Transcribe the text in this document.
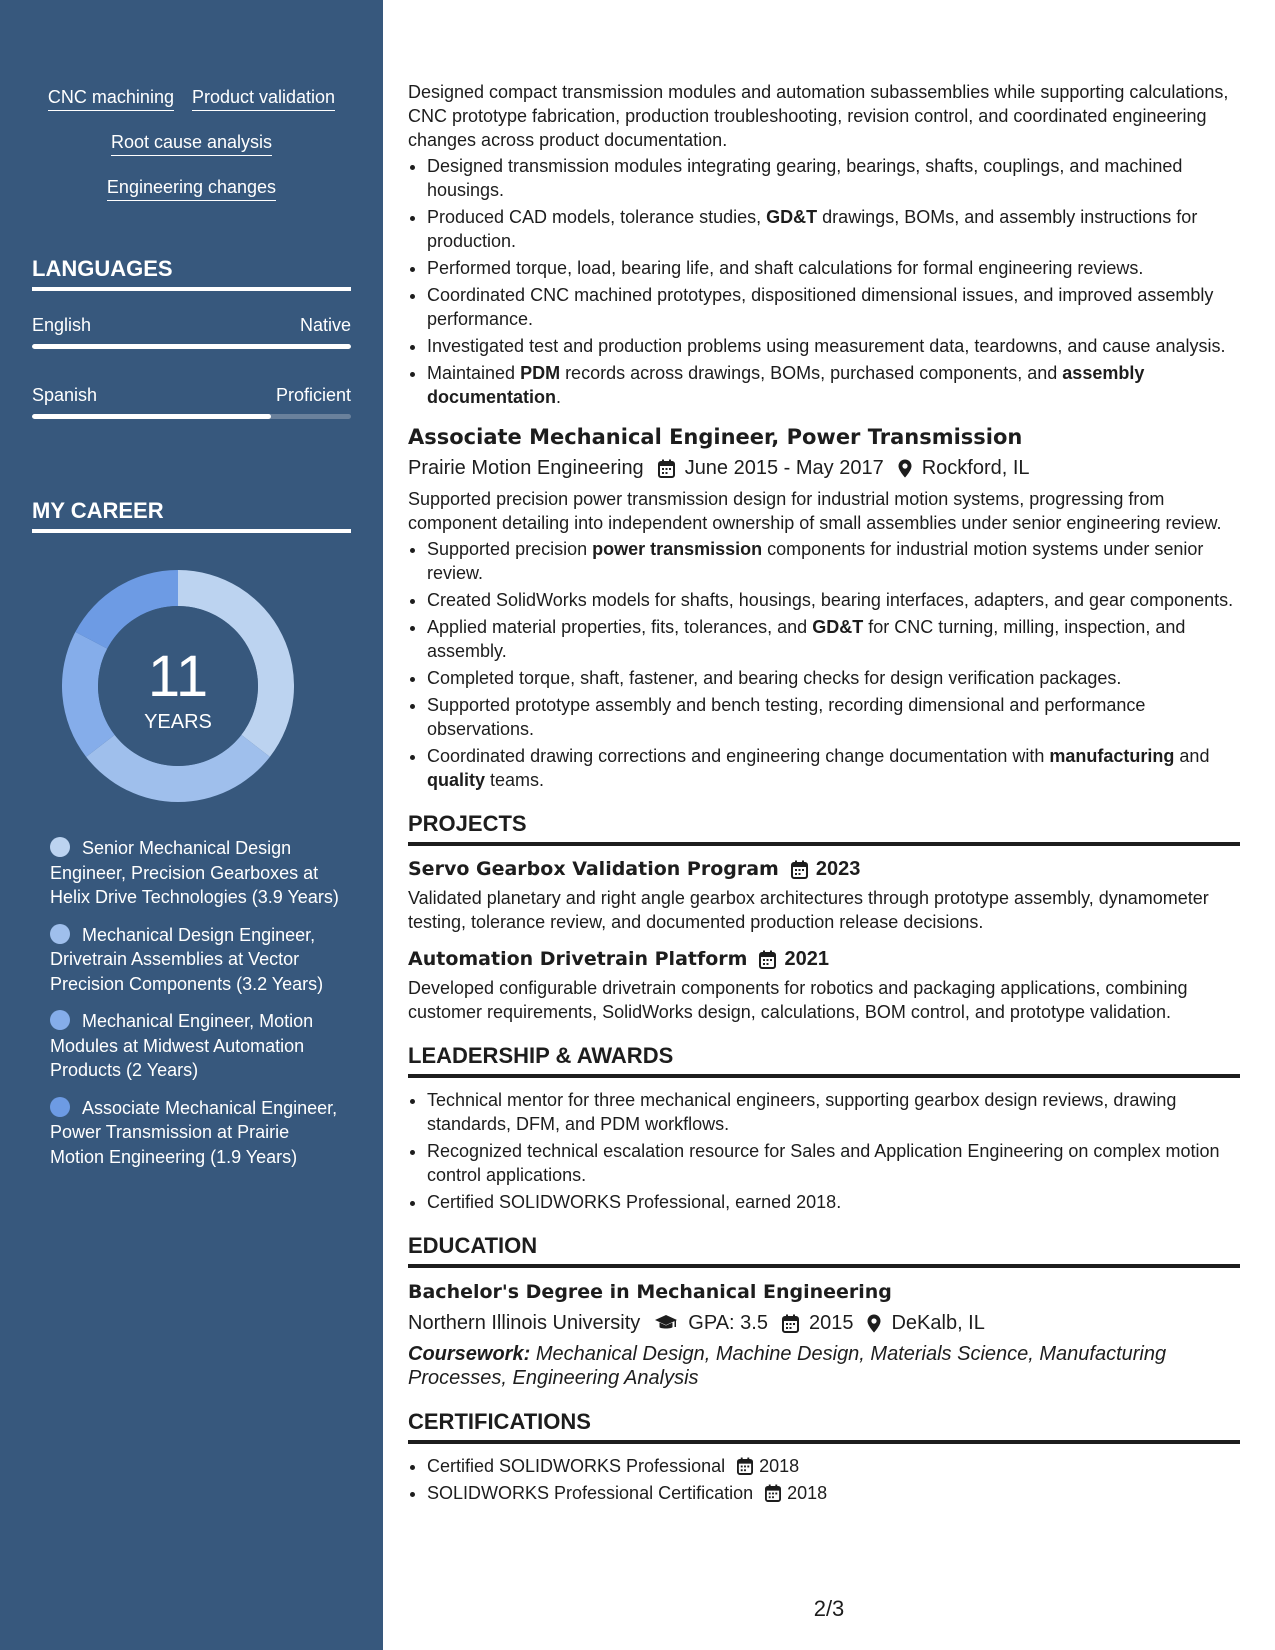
CNC machining Product validation
Root cause analysis
Engineering changes
LANGUAGES
English	Native
Spanish	Proficient
MY CAREER
11
YEARS
Senior Mechanical Design Engineer, Precision Gearboxes at Helix Drive Technologies (3.9 Years)
Mechanical Design Engineer, Drivetrain Assemblies at Vector Precision Components (3.2 Years)
Mechanical Engineer, Motion Modules at Midwest Automation Products (2 Years)
Associate Mechanical Engineer, Power Transmission at Prairie Motion Engineering (1.9 Years)

Designed compact transmission modules and automation subassemblies while supporting calculations, CNC prototype fabrication, production troubleshooting, revision control, and coordinated engineering changes across product documentation.

• Designed transmission modules integrating gearing, bearings, shafts, couplings, and machined housings.
• Produced CAD models, tolerance studies, GD&T drawings, BOMs, and assembly instructions for production.
• Performed torque, load, bearing life, and shaft calculations for formal engineering reviews.
• Coordinated CNC machined prototypes, dispositioned dimensional issues, and improved assembly performance.
• Investigated test and production problems using measurement data, teardowns, and cause analysis.
• Maintained PDM records across drawings, BOMs, purchased components, and assembly documentation.
Associate Mechanical Engineer, Power Transmission
Prairie Motion Engineering June 2015 - May 2017 Rockford, IL

Supported precision power transmission design for industrial motion systems, progressing from component detailing into independent ownership of small assemblies under senior engineering review.

• Supported precision power transmission components for industrial motion systems under senior review.
• Created SolidWorks models for shafts, housings, bearing interfaces, adapters, and gear components.
• Applied material properties, fits, tolerances, and GD&T for CNC turning, milling, inspection, and assembly.
• Completed torque, shaft, fastener, and bearing checks for design verification packages.
• Supported prototype assembly and bench testing, recording dimensional and performance observations.
• Coordinated drawing corrections and engineering change documentation with manufacturing and quality teams.
PROJECTS
Servo Gearbox Validation Program 2023

Validated planetary and right angle gearbox architectures through prototype assembly, dynamometer testing, tolerance review, and documented production release decisions.

Automation Drivetrain Platform 2021

Developed configurable drivetrain components for robotics and packaging applications, combining customer requirements, SolidWorks design, calculations, BOM control, and prototype validation.

LEADERSHIP & AWARDS
• Technical mentor for three mechanical engineers, supporting gearbox design reviews, drawing standards, DFM, and PDM workflows.
• Recognized technical escalation resource for Sales and Application Engineering on complex motion control applications.
• Certified SOLIDWORKS Professional, earned 2018.
EDUCATION
Bachelor's Degree in Mechanical Engineering
Northern Illinois University GPA: 3.5 2015 DeKalb, IL

Coursework: Mechanical Design, Machine Design, Materials Science, Manufacturing Processes, Engineering Analysis

CERTIFICATIONS
• Certified SOLIDWORKS Professional 2018
• SOLIDWORKS Professional Certification 2018
2/3
